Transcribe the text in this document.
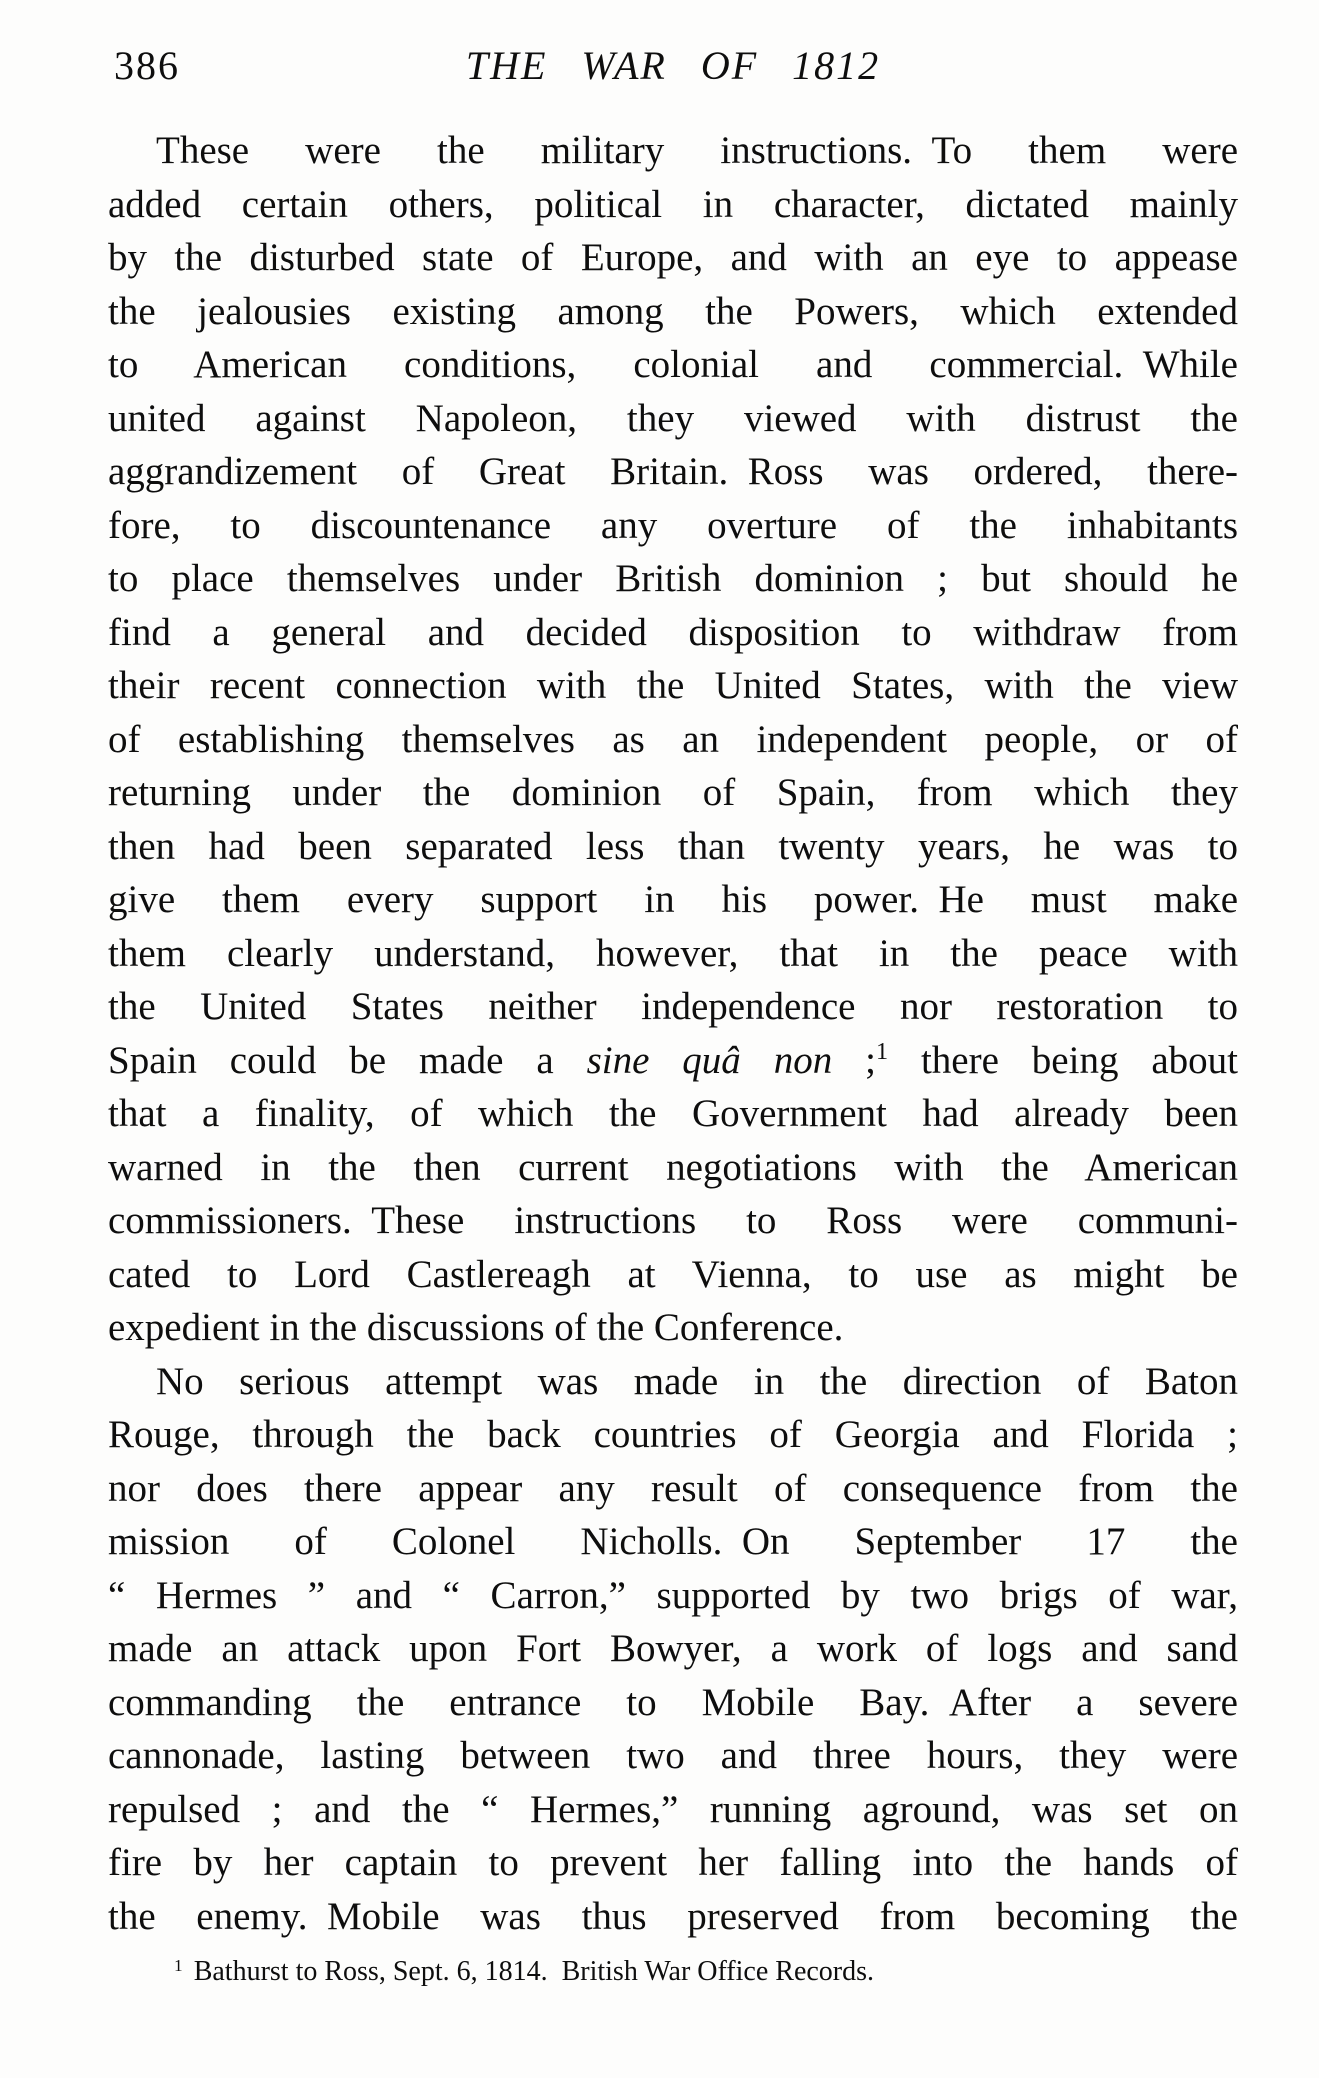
386	THE WAR OF 1812
These were the military instructions. To them were
added certain others, political in character, dictated mainly
by the disturbed state of Europe, and with an eye to appease
the jealousies existing among the Powers, which extended
to American conditions, colonial and commercial. While
united against Napoleon, they viewed with distrust the
aggrandizement of Great Britain. Ross was ordered, there-
fore, to discountenance any overture of the inhabitants
to place themselves under British dominion ; but should he
find a general and decided disposition to withdraw from
their recent connection with the United States, with the view
of establishing themselves as an independent people, or of
returning under the dominion of Spain, from which they
then had been separated less than twenty years, he was to
give them every support in his power. He must make
them clearly understand, however, that in the peace with
the United States neither independence nor restoration to
Spain could be made a sine quâ non ;$^1$ there being about
that a finality, of which the Government had already been
warned in the then current negotiations with the American
commissioners. These instructions to Ross were communi-
cated to Lord Castlereagh at Vienna, to use as might be
expedient in the discussions of the Conference.
No serious attempt was made in the direction of Baton
Rouge, through the back countries of Georgia and Florida ;
nor does there appear any result of consequence from the
mission of Colonel Nicholls. On September 17 the
“ Hermes ” and “ Carron,” supported by two brigs of war,
made an attack upon Fort Bowyer, a work of logs and sand
commanding the entrance to Mobile Bay. After a severe
cannonade, lasting between two and three hours, they were
repulsed ; and the “ Hermes,” running aground, was set on
fire by her captain to prevent her falling into the hands of
the enemy. Mobile was thus preserved from becoming the
$^1$ Bathurst to Ross, Sept. 6, 1814. British War Office Records.
